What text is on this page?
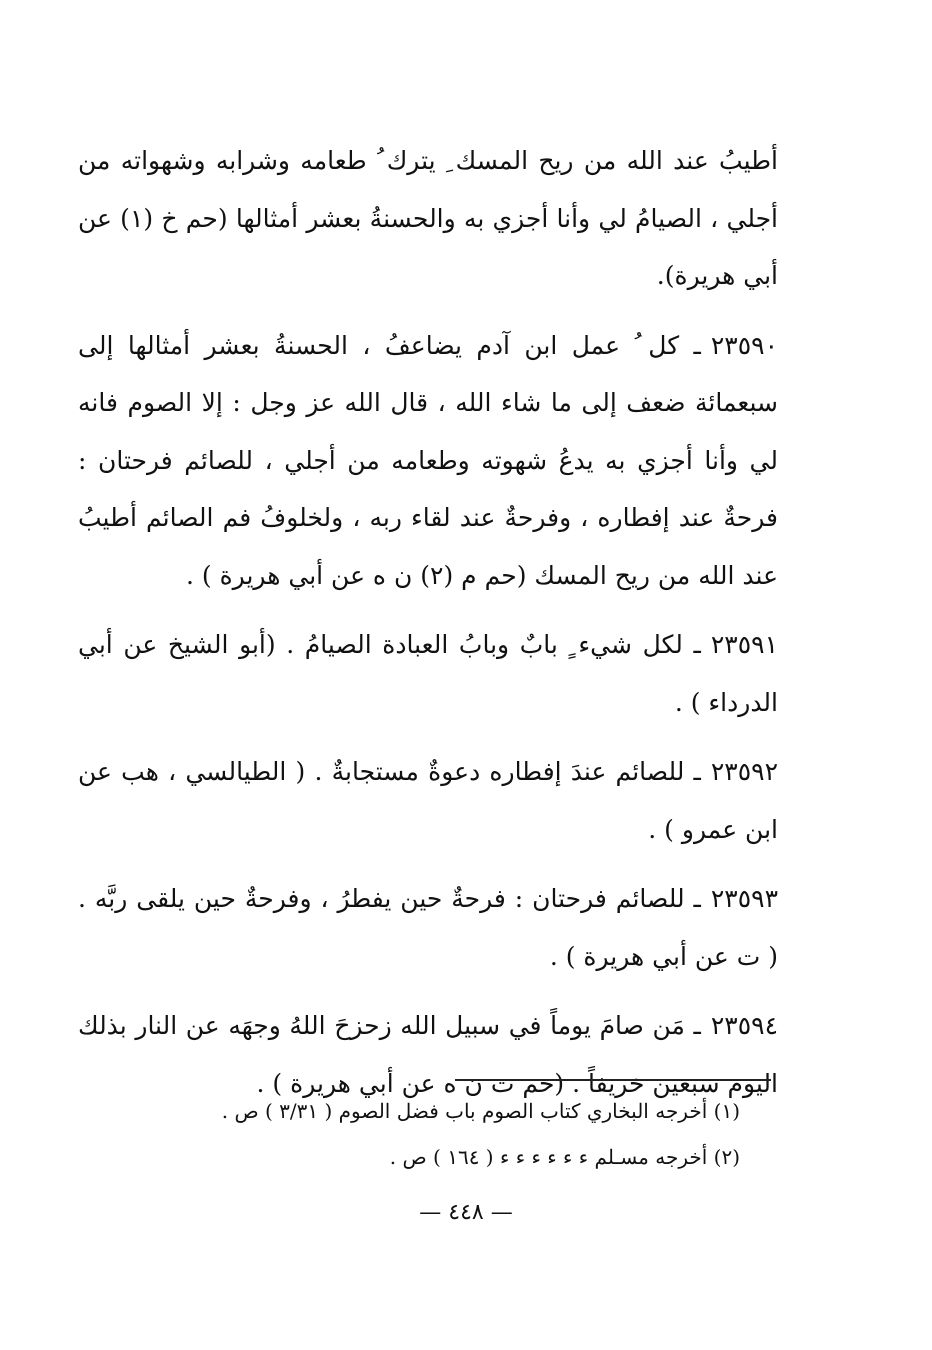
أطيبُ عند الله من ريح المسك ِ يترك ُ طعامه وشرابه وشهواته من أجلي ، الصيامُ لي وأنا أجزي به والحسنةُ بعشر أمثالها (حم خ (١) عن أبي هريرة).

٢٣٥٩٠ـ كل ُ عمل ابن آدم يضاعفُ ، الحسنةُ بعشر أمثالها إلى سبعمائة ضعف إلى ما شاء الله ، قال الله عز وجل : إلا الصوم فانه لي وأنا أجزي به يدعُ شهوته وطعامه من أجلي ، للصائم فرحتان : فرحةٌ عند إفطاره ، وفرحةٌ عند لقاء ربه ، ولخلوفُ فم الصائم أطيبُ عند الله من ريح المسك (حم م (٢) ن ه عن أبي هريرة ) .

٢٣٥٩١ـ لكل شيء ٍ بابٌ وبابُ العبادة الصيامُ . (أبو الشيخ عن أبي الدرداء ) .

٢٣٥٩٢ـ للصائم عندَ إفطاره دعوةٌ مستجابةٌ . ( الطيالسي ، هب عن ابن عمرو ) .

٢٣٥٩٣ـ للصائم فرحتان : فرحةٌ حين يفطرُ ، وفرحةٌ حين يلقى ربَّه . ( ت عن أبي هريرة ) .

٢٣٥٩٤ـ مَن صامَ يوماً في سبيل الله زحزحَ اللهُ وجهَه عن النار بذلك اليوم سبعين خريفاً . (حم ت ن ه عن أبي هريرة ) .

(١) أخرجه البخاري كتاب الصوم باب فضل الصوم ( ٣/٣١ ) ص .

(٢) أخرجه مسـلم ء ء ء ء ء ء ( ١٦٤ ) ص .

— ٤٤٨ —
